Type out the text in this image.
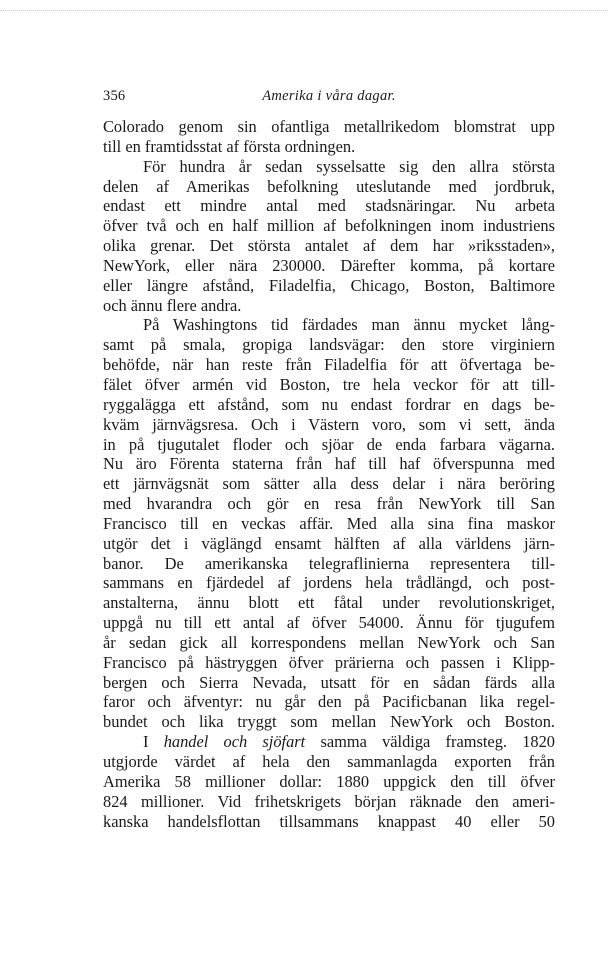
356	Amerika i våra dagar.
Colorado genom sin ofantliga metallrikedom blomstrat upp
till en framtidsstat af första ordningen.
För hundra år sedan sysselsatte sig den allra största
delen af Amerikas befolkning uteslutande med jordbruk,
endast ett mindre antal med stadsnäringar. Nu arbeta
öfver två och en half million af befolkningen inom industriens
olika grenar. Det största antalet af dem har »riksstaden»,
NewYork, eller nära 230000. Därefter komma, på kortare
eller längre afstånd, Filadelfia, Chicago, Boston, Baltimore
och ännu flere andra.
På Washingtons tid färdades man ännu mycket lång-
samt på smala, gropiga landsvägar: den store virginiern
behöfde, när han reste från Filadelfia för att öfvertaga be-
fälet öfver armén vid Boston, tre hela veckor för att till-
ryggalägga ett afstånd, som nu endast fordrar en dags be-
kväm järnvägsresa. Och i Västern voro, som vi sett, ända
in på tjugutalet floder och sjöar de enda farbara vägarna.
Nu äro Förenta staterna från haf till haf öfverspunna med
ett järnvägsnät som sätter alla dess delar i nära beröring
med hvarandra och gör en resa från NewYork till San
Francisco till en veckas affär. Med alla sina fina maskor
utgör det i väglängd ensamt hälften af alla världens järn-
banor. De amerikanska telegraflinierna representera till-
sammans en fjärdedel af jordens hela trådlängd, och post-
anstalterna, ännu blott ett fåtal under revolutionskriget,
uppgå nu till ett antal af öfver 54000. Ännu för tjugufem
år sedan gick all korrespondens mellan NewYork och San
Francisco på hästryggen öfver prärierna och passen i Klipp-
bergen och Sierra Nevada, utsatt för en sådan färds alla
faror och äfventyr: nu går den på Pacificbanan lika regel-
bundet och lika tryggt som mellan NewYork och Boston.
I handel och sjöfart samma väldiga framsteg. 1820
utgjorde värdet af hela den sammanlagda exporten från
Amerika 58 millioner dollar: 1880 uppgick den till öfver
824 millioner. Vid frihetskrigets början räknade den ameri-
kanska handelsflottan tillsammans knappast 40 eller 50
